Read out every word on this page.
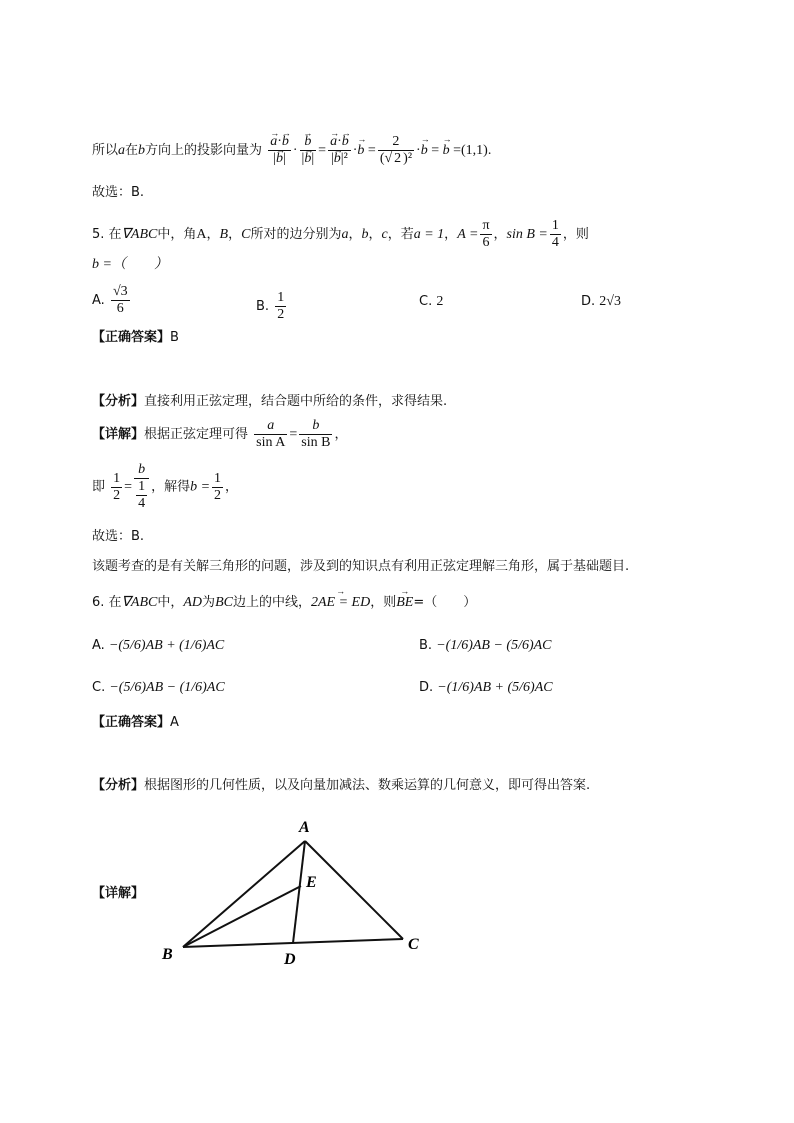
所以a在b方向上的投影向量为 → $\frac{a\cdot\to b}{|\to b|}$ · → $\frac{b}{|\to b|}$ = → $\frac{a\cdot\to b}{\text{|→ b|²}} \cdot\to b = \frac{2}{\text{(√ 2 )²}} \cdot\to b$ = → b =(1,1).
故选：B.
5. 在∇ABC中，角A，B，C所对的边分别为a，b，c，若a = 1，$A = \frac{\pi}{6}$ ，$\sin B = \frac{1}{4}$ ，则
b =（　　）
A. $\frac{√3}{6}$	B. $\frac{1}{2}$	C. 2	D. 2√3
【正确答案】B
【分析】直接利用正弦定理，结合题中所给的条件，求得结果.
【详解】根据正弦定理可得 $\frac{a}{\text{sin A}} = \frac{b}{\text{sin B}}$ ，
即 $\frac{1}{2} = \frac{b}{\frac{1}{4}}$ ，解得$b = \frac{1}{2}$ ，
故选：B.
该题考查的是有关解三角形的问题，涉及到的知识点有利用正弦定理解三角形，属于基础题目.
6. 在∇ABC中，AD为BC边上的中线，→ 2AE = ED，则→ BE=（　　）
A. −(5/6)AB + (1/6)AC	B. −(1/6)AB − (5/6)AC
C. −(5/6)AB − (1/6)AC	D. −(1/6)AB + (5/6)AC
【正确答案】A
【分析】根据图形的几何性质，以及向量加减法、数乘运算的几何意义，即可得出答案.
【详解】
A
E
B	D
C
